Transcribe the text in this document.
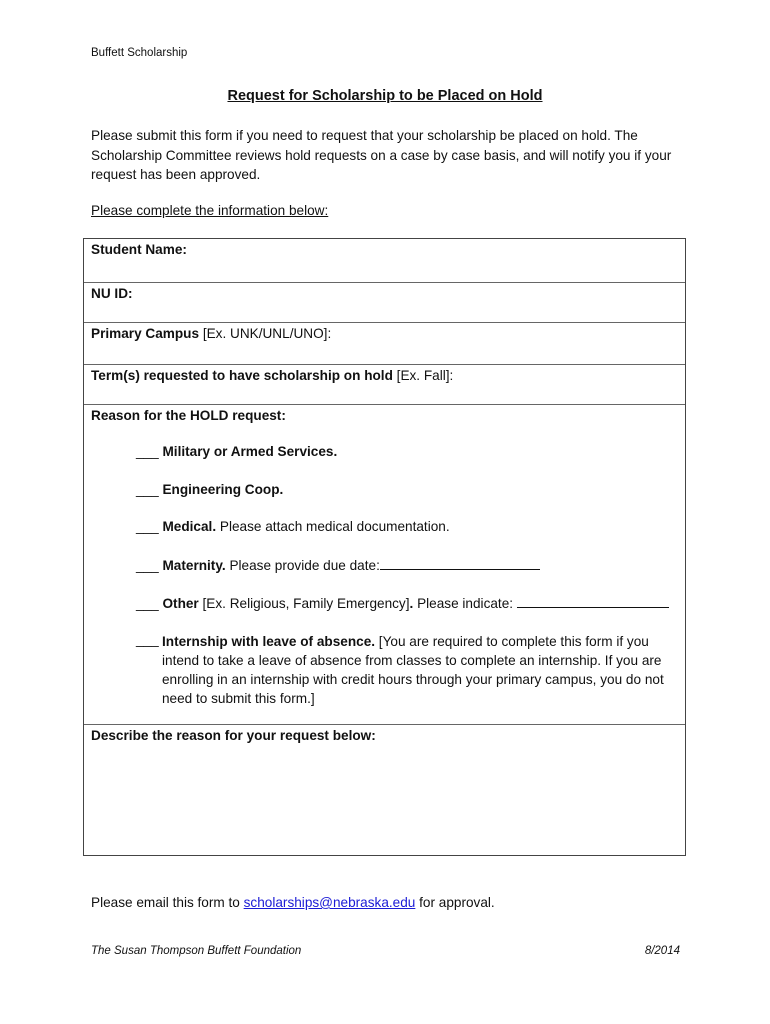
Buffett Scholarship
Request for Scholarship to be Placed on Hold
Please submit this form if you need to request that your scholarship be placed on hold. The Scholarship Committee reviews hold requests on a case by case basis, and will notify you if your request has been approved.
Please complete the information below:
Student Name:
NU ID:
Primary Campus [Ex. UNK/UNL/UNO]:
Term(s) requested to have scholarship on hold [Ex. Fall]:
Reason for the HOLD request:
___ Military or Armed Services.
___ Engineering Coop.
___ Medical. Please attach medical documentation.
___ Maternity. Please provide due date:
___ Other [Ex. Religious, Family Emergency]. Please indicate:
___ Internship with leave of absence. [You are required to complete this form if you intend to take a leave of absence from classes to complete an internship. If you are enrolling in an internship with credit hours through your primary campus, you do not need to submit this form.]
Describe the reason for your request below:
Please email this form to scholarships@nebraska.edu for approval.
The Susan Thompson Buffett Foundation	8/2014
